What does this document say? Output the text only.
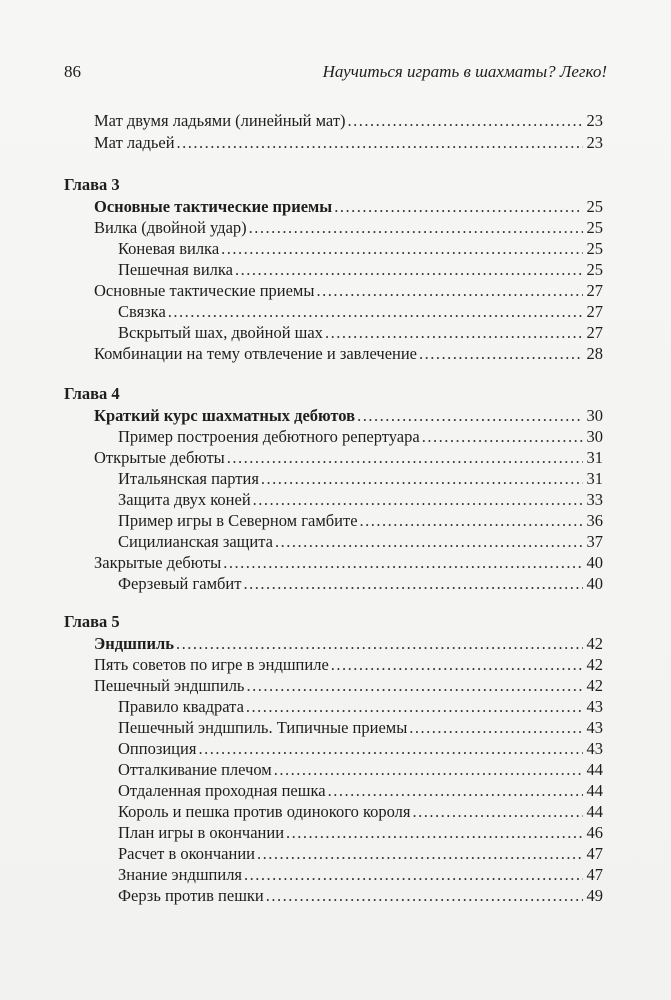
86	Научиться играть в шахматы? Легко!
Мат двумя ладьями (линейный мат) .....	23
Мат ладьей .....	23
Глава 3
Основные тактические приемы .....	25
Вилка (двойной удар) .....	25
Коневая вилка .....	25
Пешечная вилка .....	25
Основные тактические приемы .....	27
Связка .....	27
Вскрытый шах, двойной шах .....	27
Комбинации на тему отвлечение и завлечение .....	28
Глава 4
Краткий курс шахматных дебютов .....	30
Пример построения дебютного репертуара .....	30
Открытые дебюты .....	31
Итальянская партия .....	31
Защита двух коней .....	33
Пример игры в Северном гамбите .....	36
Сицилианская защита .....	37
Закрытые дебюты .....	40
Ферзевый гамбит .....	40
Глава 5
Эндшпиль .....	42
Пять советов по игре в эндшпиле .....	42
Пешечный эндшпиль .....	42
Правило квадрата .....	43
Пешечный эндшпиль. Типичные приемы .....	43
Оппозиция .....	43
Отталкивание плечом .....	44
Отдаленная проходная пешка .....	44
Король и пешка против одинокого короля .....	44
План игры в окончании .....	46
Расчет в окончании .....	47
Знание эндшпиля .....	47
Ферзь против пешки .....	49
